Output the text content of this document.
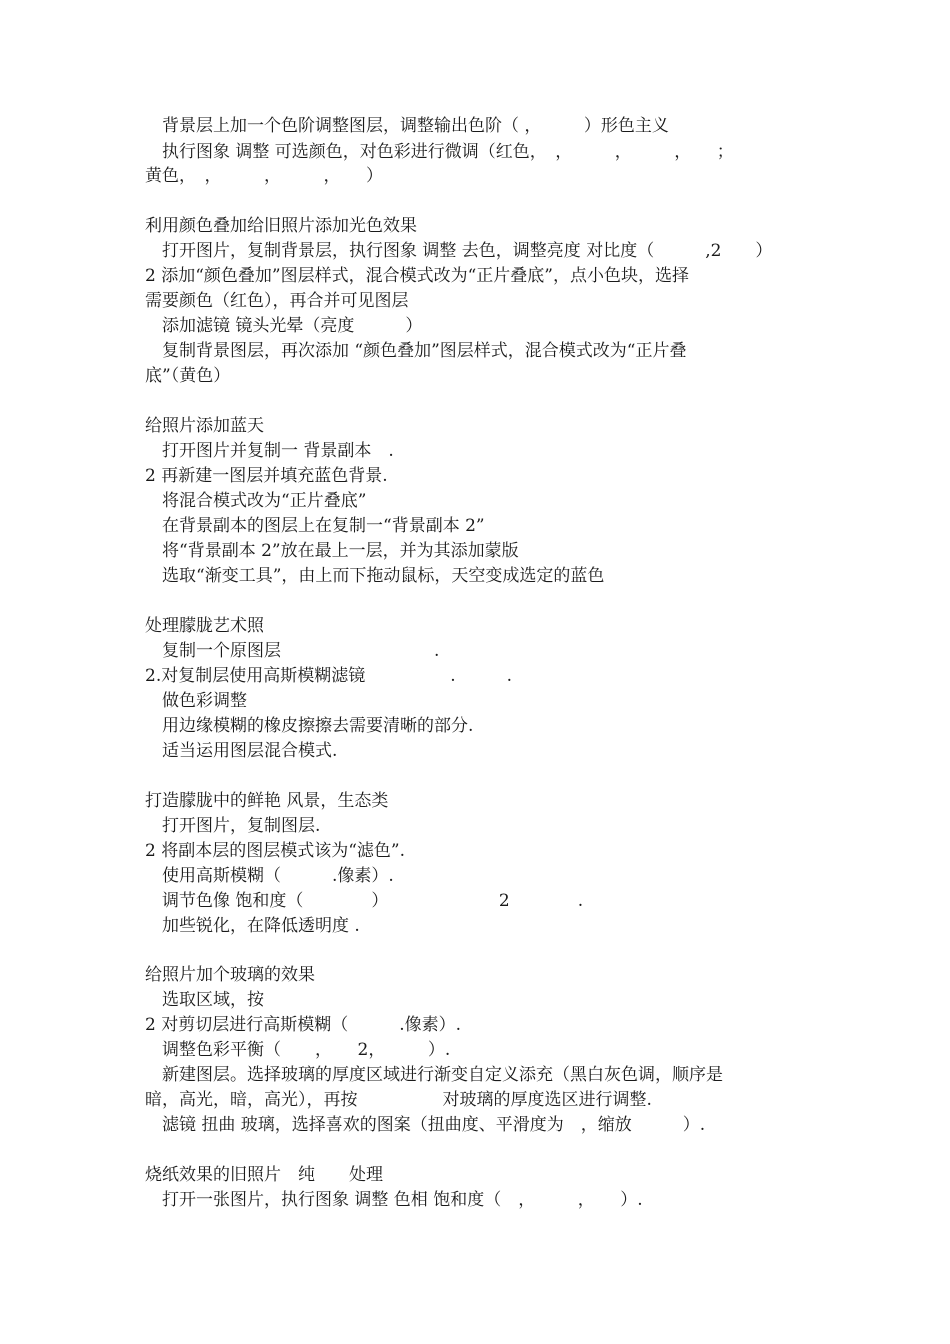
　背景层上加一个色阶调整图层，调整输出色阶（ ，　　　）形色主义
　执行图象 调整 可选颜色，对色彩进行微调（红色，　，　　　，　　　，　　；
黄色，　，　　　，　　　，　　）
利用颜色叠加给旧照片添加光色效果
　打开图片，复制背景层，执行图象 调整 去色，调整亮度 对比度（　　　,2　　）
2 添加“颜色叠加”图层样式，混合模式改为“正片叠底”，点小色块，选择
需要颜色（红色），再合并可见图层
　添加滤镜 镜头光晕（亮度　　　）
　复制背景图层，再次添加 “颜色叠加”图层样式，混合模式改为“正片叠
底”（黄色）
给照片添加蓝天
　打开图片并复制一 背景副本　.
2 再新建一图层并填充蓝色背景.
　将混合模式改为“正片叠底”
　在背景副本的图层上在复制一“背景副本 2”
　将“背景副本 2”放在最上一层，并为其添加蒙版
　选取“渐变工具”，由上而下拖动鼠标，天空变成选定的蓝色
处理朦胧艺术照
　复制一个原图层　　　　　　　　　.
2.对复制层使用高斯模糊滤镜　　　　　.　　　.
　做色彩调整
　用边缘模糊的橡皮擦擦去需要清晰的部分.
　适当运用图层混合模式.
打造朦胧中的鲜艳 风景，生态类
　打开图片，复制图层.
2 将副本层的图层模式该为“滤色”.
　使用高斯模糊（　　　.像素）.
　调节色像 饱和度（　　　　）　　　　　　　2　　　　.
　加些锐化，在降低透明度 .
给照片加个玻璃的效果
　选取区域，按
2 对剪切层进行高斯模糊（　　　.像素）.
　调整色彩平衡（　　，　　2，　　　）.
　新建图层。选择玻璃的厚度区域进行渐变自定义添充（黑白灰色调，顺序是
暗，高光，暗，高光），再按　　　　　对玻璃的厚度选区进行调整.
　滤镜 扭曲 玻璃，选择喜欢的图案（扭曲度、平滑度为　，缩放　　　）.
烧纸效果的旧照片　纯　　处理
　打开一张图片，执行图象 调整 色相 饱和度（　，　　　，　　）.
